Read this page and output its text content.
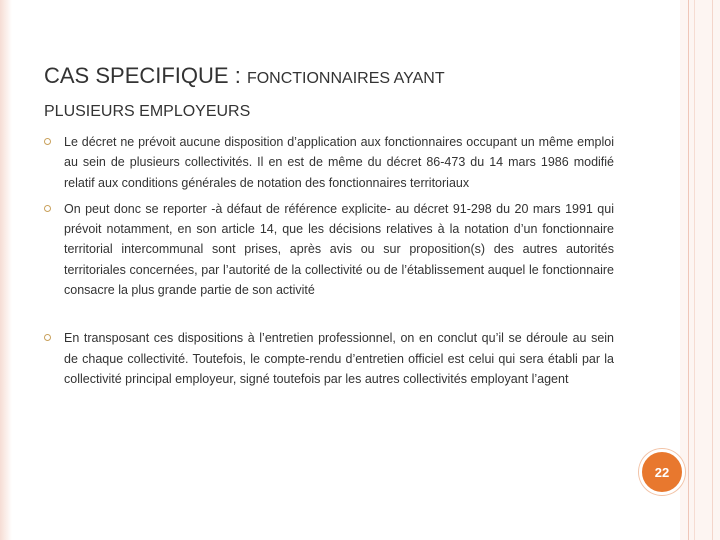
CAS SPECIFIQUE : FONCTIONNAIRES AYANT
PLUSIEURS EMPLOYEURS
Le décret ne prévoit aucune disposition d’application aux fonctionnaires occupant un même emploi au sein de plusieurs collectivités. Il en est de même du décret 86-473 du 14 mars 1986 modifié relatif aux conditions générales de notation des fonctionnaires territoriaux
On peut donc se reporter -à défaut de référence explicite- au décret 91-298 du 20 mars 1991 qui prévoit notamment, en son article 14, que les décisions relatives à la notation d’un fonctionnaire territorial intercommunal sont prises, après avis ou sur proposition(s) des autres autorités territoriales concernées, par l’autorité de la collectivité ou de l’établissement auquel le fonctionnaire consacre la plus grande partie de son activité
En transposant ces dispositions à l’entretien professionnel, on en conclut qu’il se déroule au sein de chaque collectivité. Toutefois, le compte-rendu d’entretien officiel est celui qui sera établi par la collectivité principal employeur, signé toutefois par les autres collectivités employant l’agent
22
